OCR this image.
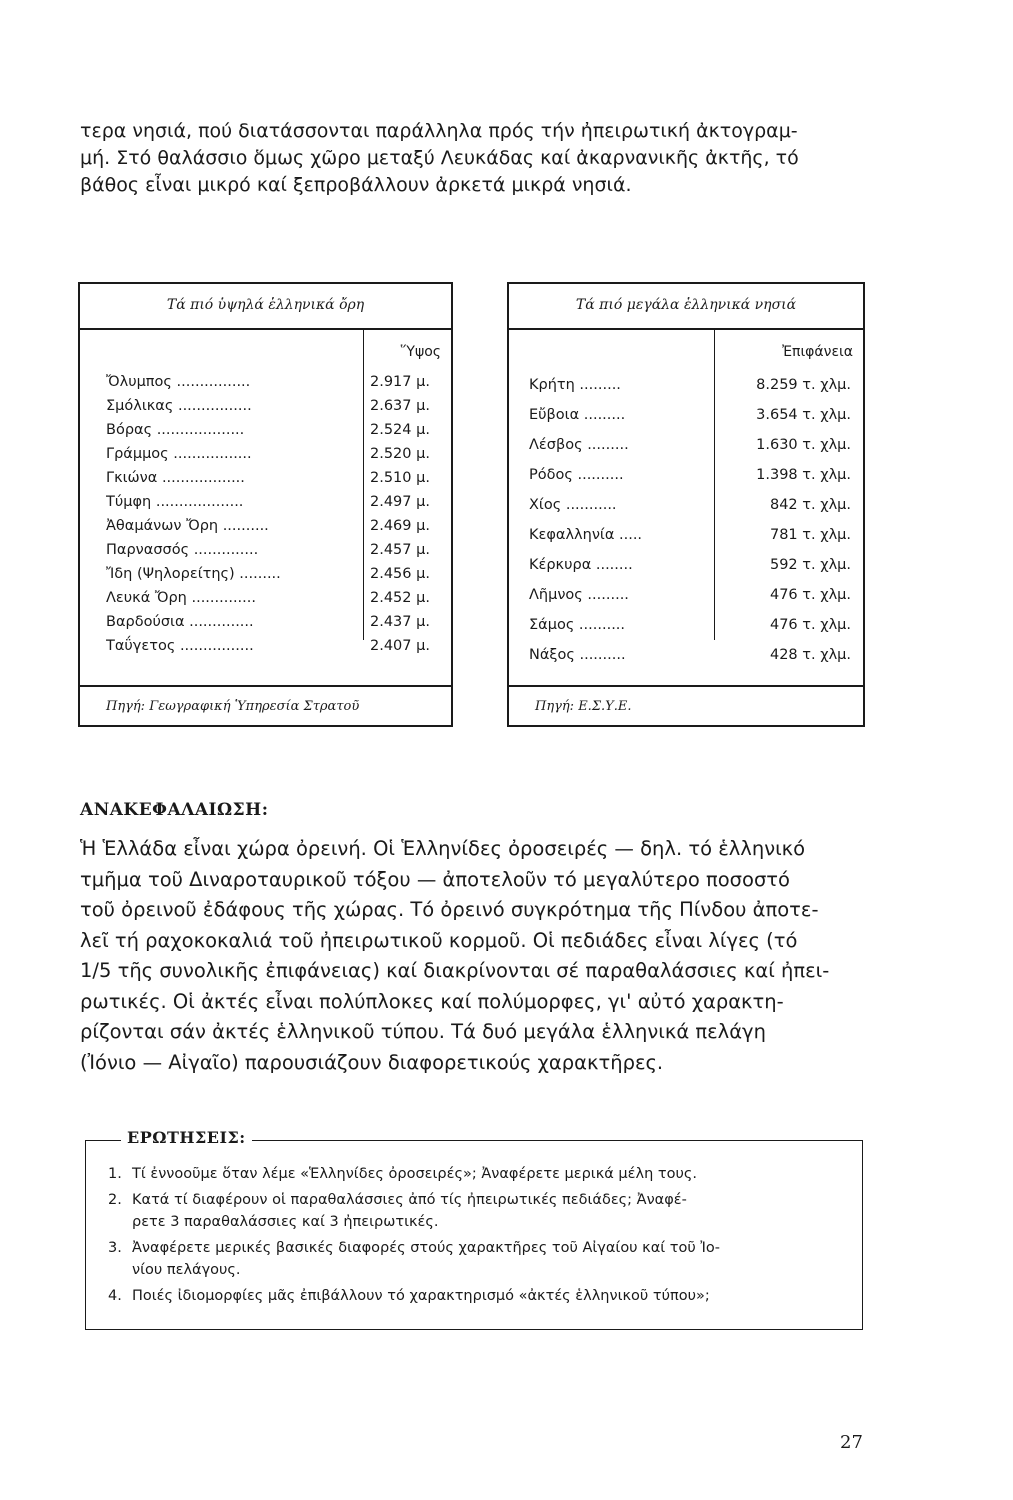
τερα νησιά, πού διατάσσονται παράλληλα πρός τήν ἠπειρωτική ἀκτογραμ-
μή. Στό θαλάσσιο ὅμως χῶρο μεταξύ Λευκάδας καί ἀκαρνανικῆς ἀκτῆς, τό
βάθος εἶναι μικρό καί ξεπροβάλλουν ἀρκετά μικρά νησιά.
Τά πιό ὑψηλά ἑλληνικά ὄρη
Ὕψος
Ὄλυμπος ................	2.917 μ.
Σμόλικας ................	2.637 μ.
Βόρας ...................	2.524 μ.
Γράμμος .................	2.520 μ.
Γκιώνα ..................	2.510 μ.
Τύμφη ...................	2.497 μ.
Ἀθαμάνων Ὄρη ..........	2.469 μ.
Παρνασσός ..............	2.457 μ.
Ἴδη (Ψηλορείτης) .........	2.456 μ.
Λευκά Ὄρη ..............	2.452 μ.
Βαρδούσια ..............	2.437 μ.
Ταΰγετος ................	2.407 μ.
Πηγή: Γεωγραφική Ὑπηρεσία Στρατοῦ
Τά πιό μεγάλα ἑλληνικά νησιά
Ἐπιφάνεια
Κρήτη .........	8.259 τ. χλμ.
Εὔβοια .........	3.654 τ. χλμ.
Λέσβος .........	1.630 τ. χλμ.
Ρόδος ..........	1.398 τ. χλμ.
Χίος ...........	842 τ. χλμ.
Κεφαλληνία .....	781 τ. χλμ.
Κέρκυρα ........	592 τ. χλμ.
Λῆμνος .........	476 τ. χλμ.
Σάμος ..........	476 τ. χλμ.
Νάξος ..........	428 τ. χλμ.
Πηγή: Ε.Σ.Υ.Ε.
ΑΝΑΚΕΦΑΛΑΙΩΣΗ:
Ἡ Ἑλλάδα εἶναι χώρα ὀρεινή. Οἱ Ἑλληνίδες ὀροσειρές — δηλ. τό ἑλληνικό
τμῆμα τοῦ Διναροταυρικοῦ τόξου — ἀποτελοῦν τό μεγαλύτερο ποσοστό
τοῦ ὀρεινοῦ ἐδάφους τῆς χώρας. Τό ὀρεινό συγκρότημα τῆς Πίνδου ἀποτε-
λεῖ τή ραχοκοκαλιά τοῦ ἠπειρωτικοῦ κορμοῦ. Οἱ πεδιάδες εἶναι λίγες (τό
1/5 τῆς συνολικῆς ἐπιφάνειας) καί διακρίνονται σέ παραθαλάσσιες καί ἠπει-
ρωτικές. Οἱ ἀκτές εἶναι πολύπλοκες καί πολύμορφες, γι' αὐτό χαρακτη-
ρίζονται σάν ἀκτές ἑλληνικοῦ τύπου. Τά δυό μεγάλα ἑλληνικά πελάγη
(Ἰόνιο — Αἰγαῖο) παρουσιάζουν διαφορετικούς χαρακτῆρες.
ΕΡΩΤΗΣΕΙΣ:
1. Τί ἐννοοῦμε ὅταν λέμε «Ἑλληνίδες ὀροσειρές»; Ἀναφέρετε μερικά μέλη τους.
2. Κατά τί διαφέρουν οἱ παραθαλάσσιες ἀπό τίς ἠπειρωτικές πεδιάδες; Ἀναφέ-
ρετε 3 παραθαλάσσιες καί 3 ἠπειρωτικές.
3. Ἀναφέρετε μερικές βασικές διαφορές στούς χαρακτῆρες τοῦ Αἰγαίου καί τοῦ Ἰο-
νίου πελάγους.
4. Ποιές ἰδιομορφίες μᾶς ἐπιβάλλουν τό χαρακτηρισμό «ἀκτές ἑλληνικοῦ τύπου»;
27
